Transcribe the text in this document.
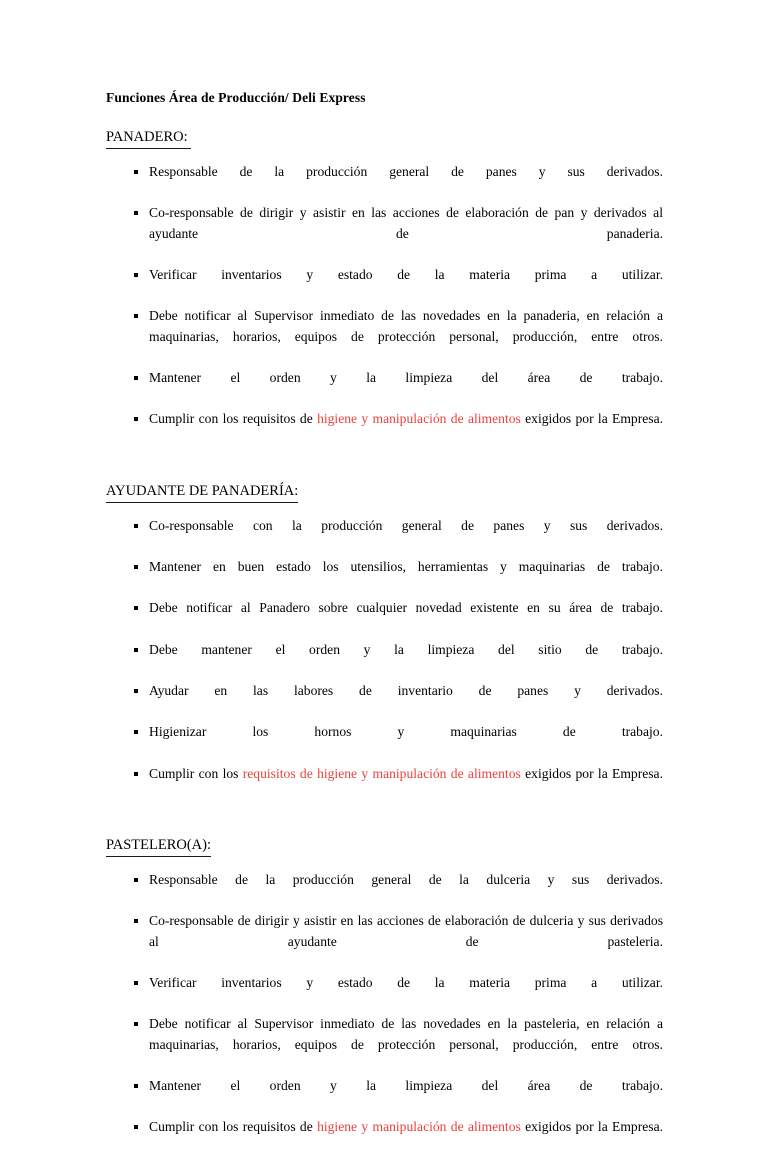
Funciones Área de Producción/ Deli Express
PANADERO:
Responsable de la producción general de panes y sus derivados.
Co-responsable de dirigir y asistir en las acciones de elaboración de pan y derivados al ayudante de panaderia.
Verificar inventarios y estado de la materia prima a utilizar.
Debe notificar al Supervisor inmediato de las novedades en la panaderia, en relación a maquinarias, horarios, equipos de protección personal, producción, entre otros.
Mantener el orden y la limpieza del área de trabajo.
Cumplir con los requisitos de higiene y manipulación de alimentos exigidos por la Empresa.
AYUDANTE DE PANADERÍA:
Co-responsable con la producción general de panes y sus derivados.
Mantener en buen estado los utensilios, herramientas y maquinarias de trabajo.
Debe notificar al Panadero sobre cualquier novedad existente en su área de trabajo.
Debe mantener el orden y la limpieza del sitio de trabajo.
Ayudar en las labores de inventario de panes y derivados.
Higienizar los hornos y maquinarias de trabajo.
Cumplir con los requisitos de higiene y manipulación de alimentos exigidos por la Empresa.
PASTELERO(A):
Responsable de la producción general de la dulceria y sus derivados.
Co-responsable de dirigir y asistir en las acciones de elaboración de dulceria y sus derivados al ayudante de pasteleria.
Verificar inventarios y estado de la materia prima a utilizar.
Debe notificar al Supervisor inmediato de las novedades en la pasteleria, en relación a maquinarias, horarios, equipos de protección personal, producción, entre otros.
Mantener el orden y la limpieza del área de trabajo.
Cumplir con los requisitos de higiene y manipulación de alimentos exigidos por la Empresa.
